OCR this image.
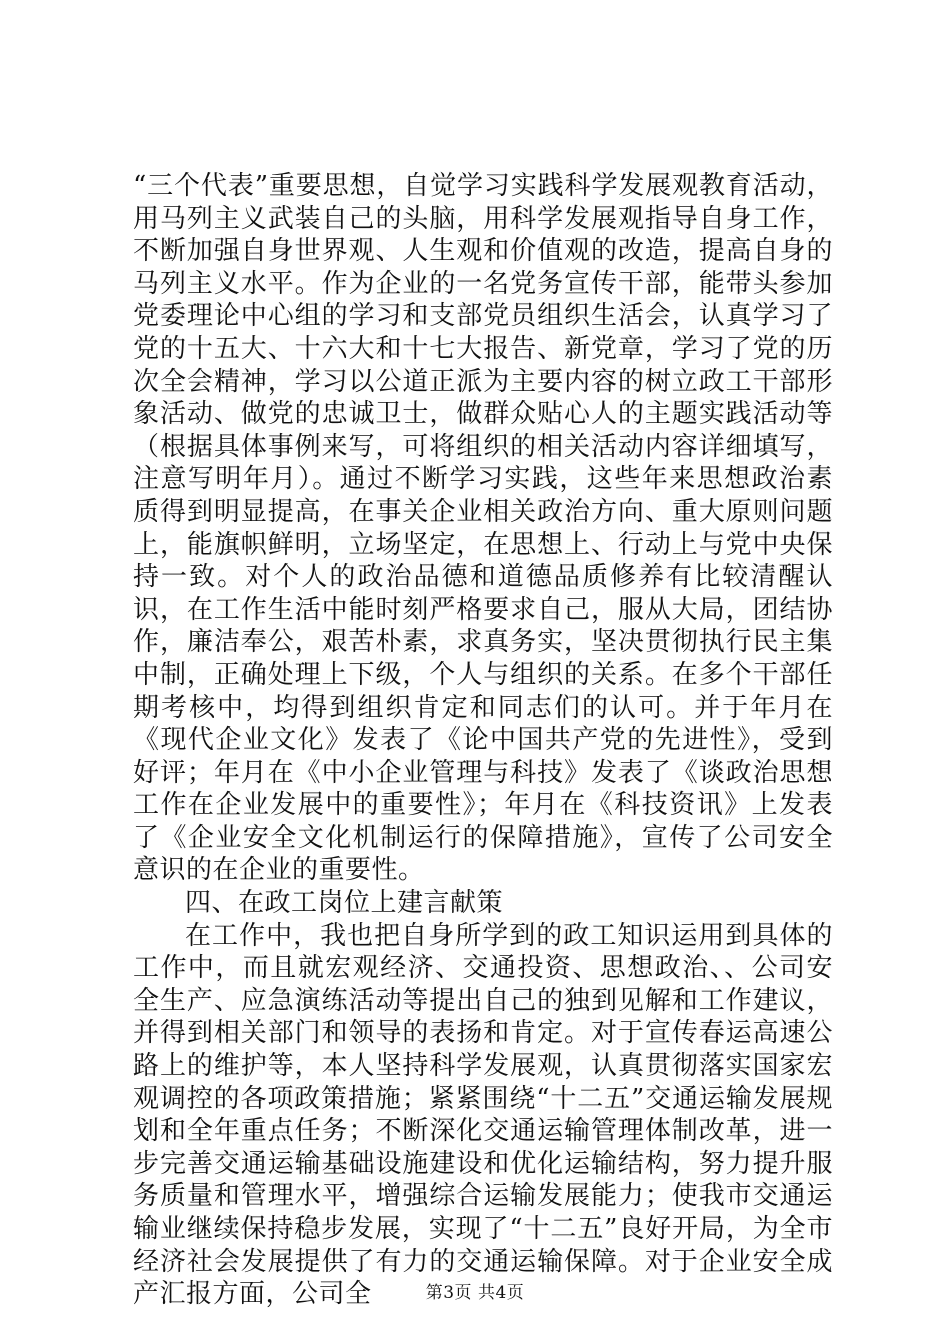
“三个代表”重要思想，自觉学习实践科学发展观教育活动，用马列主义武装自己的头脑，用科学发展观指导自身工作，不断加强自身世界观、人生观和价值观的改造，提高自身的马列主义水平。作为企业的一名党务宣传干部，能带头参加党委理论中心组的学习和支部党员组织生活会，认真学习了党的十五大、十六大和十七大报告、新党章，学习了党的历次全会精神，学习以公道正派为主要内容的树立政工干部形象活动、做党的忠诚卫士，做群众贴心人的主题实践活动等（根据具体事例来写，可将组织的相关活动内容详细填写，注意写明年月）。通过不断学习实践，这些年来思想政治素质得到明显提高，在事关企业相关政治方向、重大原则问题上，能旗帜鲜明，立场坚定，在思想上、行动上与党中央保持一致。对个人的政治品德和道德品质修养有比较清醒认识，在工作生活中能时刻严格要求自己，服从大局，团结协作，廉洁奉公，艰苦朴素，求真务实，坚决贯彻执行民主集中制，正确处理上下级，个人与组织的关系。在多个干部任期考核中，均得到组织肯定和同志们的认可。并于年月在《现代企业文化》发表了《论中国共产党的先进性》，受到好评；年月在《中小企业管理与科技》发表了《谈政治思想工作在企业发展中的重要性》；年月在《科技资讯》上发表了《企业安全文化机制运行的保障措施》，宣传了公司安全意识的在企业的重要性。

四、在政工岗位上建言献策

在工作中，我也把自身所学到的政工知识运用到具体的工作中，而且就宏观经济、交通投资、思想政治、、公司安全生产、应急演练活动等提出自己的独到见解和工作建议，并得到相关部门和领导的表扬和肯定。对于宣传春运高速公路上的维护等，本人坚持科学发展观，认真贯彻落实国家宏观调控的各项政策措施；紧紧围绕“十二五”交通运输发展规划和全年重点任务；不断深化交通运输管理体制改革，进一步完善交通运输基础设施建设和优化运输结构，努力提升服务质量和管理水平，增强综合运输发展能力；使我市交通运输业继续保持稳步发展，实现了“十二五”良好开局，为全市经济社会发展提供了有力的交通运输保障。对于企业安全成产汇报方面，公司全	第3页 共4页
